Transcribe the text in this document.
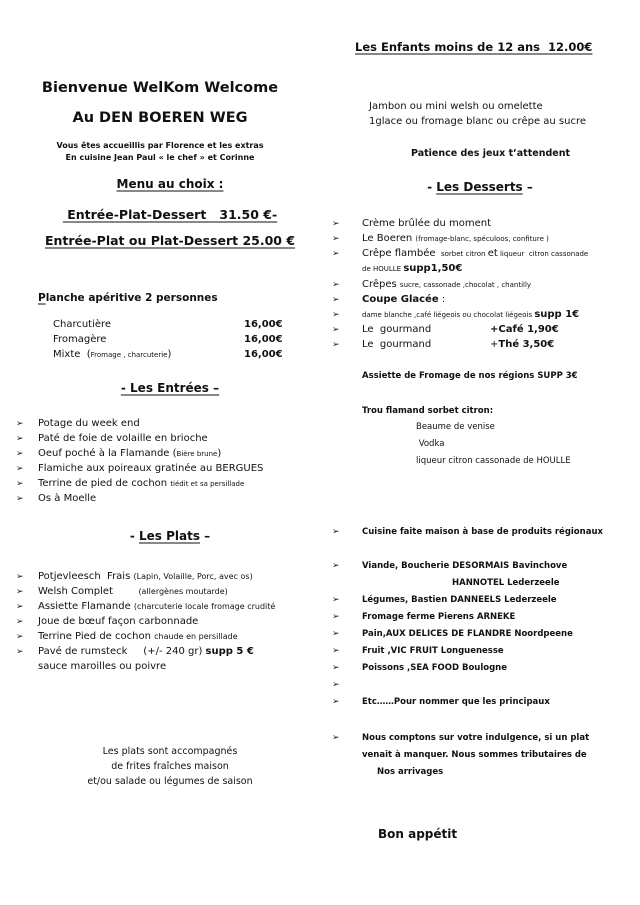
Bienvenue WelKom Welcome
Au DEN BOEREN WEG
Vous êtes accueillis par Florence et les extras
En cuisine Jean Paul « le chef » et Corinne
Menu au choix :
Entrée-Plat-Dessert   31.50 €-
Entrée-Plat ou Plat-Dessert 25.00 €
Planche apéritive 2 personnes
Charcutière	16,00€
Fromagère	16,00€
Mixte  (Fromage , charcuterie)	16,00€
- Les Entrées –
➢ Potage du week end
➢ Paté de foie de volaille en brioche
➢ Oeuf poché à la Flamande (Bière brune)
➢ Flamiche aux poireaux gratinée au BERGUES
➢ Terrine de pied de cochon tiédit et sa persillade
➢ Os à Moelle
- Les Plats –
➢ Potjevleesch  Frais (Lapin, Volaille, Porc, avec os)
➢ Welsh Complet        (allergènes moutarde)
➢ Assiette Flamande (charcuterie locale fromage crudité
➢ Joue de bœuf façon carbonnade
➢ Terrine Pied de cochon chaude en persillade
➢ Pavé de rumsteck     (+/- 240 gr) supp 5 €
sauce maroilles ou poivre
Les plats sont accompagnés
de frites fraîches maison
et/ou salade ou légumes de saison
Les Enfants moins de 12 ans  12.00€
Jambon ou mini welsh ou omelette
1glace ou fromage blanc ou crêpe au sucre
Patience des jeux t’attendent
- Les Desserts –
➢ Crème brûlée du moment
➢ Le Boeren (fromage-blanc, spéculoos, confiture )
➢ Crêpe flambée  sorbet citron et liqueur  citron cassonade
de HOULLE supp1,50€
➢ Crêpes sucre, cassonade ,chocolat , chantilly
➢ Coupe Glacée :
➢	dame blanche ,café liégeois ou chocolat liégeois supp 1€
➢ Le  gourmand	+Café 1,90€
➢ Le  gourmand	+Thé 3,50€
Assiette de Fromage de nos régions SUPP 3€
Trou flamand sorbet citron:
Beaume de venise
Vodka
liqueur citron cassonade de HOULLE
➢	Cuisine faite maison à base de produits régionaux
➢	Viande, Boucherie DESORMAIS Bavinchove
HANNOTEL Lederzeele
➢	Légumes, Bastien DANNEELS Lederzeele
➢	Fromage ferme Pierens ARNEKE
➢	Pain,AUX DELICES DE FLANDRE Noordpeene
➢	Fruit ,VIC FRUIT Longuenesse
➢	Poissons ,SEA FOOD Boulogne
➢
➢	Etc……Pour nommer que les principaux
➢	Nous comptons sur votre indulgence, si un plat
venait à manquer. Nous sommes tributaires de
Nos arrivages
Bon appétit
